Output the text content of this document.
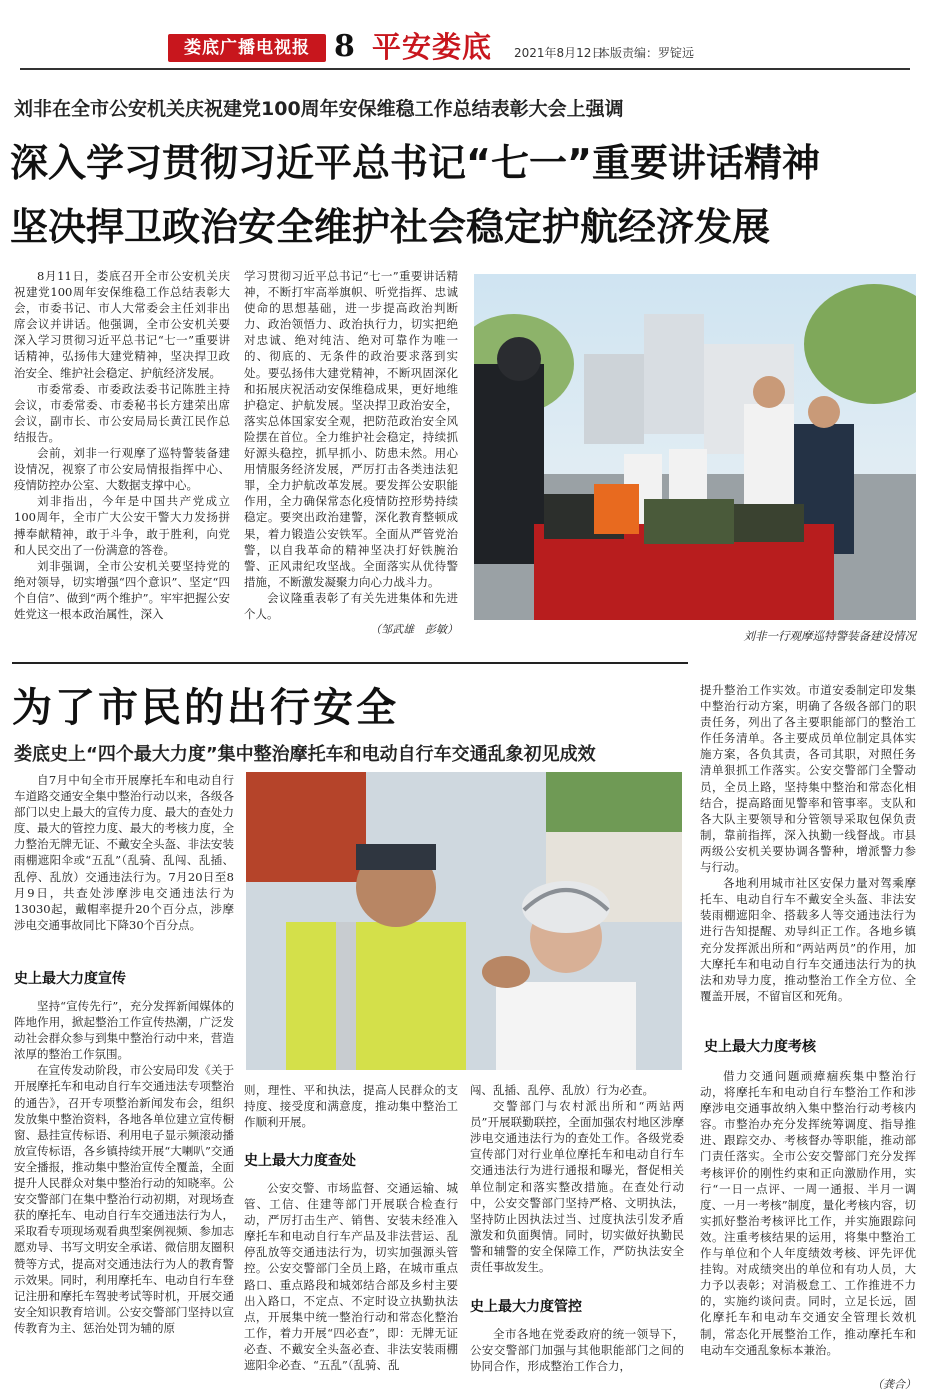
娄底广播电视报 8 平安娄底 2021年8月12日
本版责编：罗锭远
刘非在全市公安机关庆祝建党100周年安保维稳工作总结表彰大会上强调
深入学习贯彻习近平总书记“七一”重要讲话精神
坚决捍卫政治安全维护社会稳定护航经济发展

8月11日，娄底召开全市公安机关庆祝建党100周年安保维稳工作总结表彰大会，市委书记、市人大常委会主任刘非出席会议并讲话。他强调，全市公安机关要深入学习贯彻习近平总书记“七一”重要讲话精神，弘扬伟大建党精神，坚决捍卫政治安全、维护社会稳定、护航经济发展。

市委常委、市委政法委书记陈胜主持会议，市委常委、市委秘书长方建荣出席会议，副市长、市公安局局长黄江民作总结报告。

会前，刘非一行观摩了巡特警装备建设情况，视察了市公安局情报指挥中心、疫情防控办公室、大数据支撑中心。

刘非指出，今年是中国共产党成立100周年，全市广大公安干警大力发扬拼搏奉献精神，敢于斗争，敢于胜利，向党和人民交出了一份满意的答卷。

刘非强调，全市公安机关要坚持党的绝对领导，切实增强“四个意识”、坚定“四个自信”、做到“两个维护”。牢牢把握公安姓党这一根本政治属性，深入

学习贯彻习近平总书记“七一”重要讲话精神，不断打牢高举旗帜、听党指挥、忠诚使命的思想基础，进一步提高政治判断力、政治领悟力、政治执行力，切实把绝对忠诚、绝对纯洁、绝对可靠作为唯一的、彻底的、无条件的政治要求落到实处。要弘扬伟大建党精神，不断巩固深化和拓展庆祝活动安保维稳成果，更好地维护稳定、护航发展。坚决捍卫政治安全，落实总体国家安全观，把防范政治安全风险摆在首位。全力维护社会稳定，持续抓好源头稳控，抓早抓小、防患未然。用心用情服务经济发展，严厉打击各类违法犯罪，全力护航改革发展。要发挥公安职能作用，全力确保常态化疫情防控形势持续稳定。要突出政治建警，深化教育整顿成果，着力锻造公安铁军。全面从严管党治警，以自我革命的精神坚决打好铁腕治警、正风肃纪攻坚战。全面落实从优待警措施，不断激发凝聚力向心力战斗力。

会议隆重表彰了有关先进集体和先进个人。

（邹武雄　彭敏）	刘非一行观摩巡特警装备建设情况
为了市民的出行安全
娄底史上“四个最大力度”集中整治摩托车和电动自行车交通乱象初见成效

自7月中旬全市开展摩托车和电动自行车道路交通安全集中整治行动以来，各级各部门以史上最大的宣传力度、最大的查处力度、最大的管控力度、最大的考核力度，全力整治无牌无证、不戴安全头盔、非法安装雨棚遮阳伞或“五乱”（乱骑、乱闯、乱插、乱停、乱放）交通违法行为。7月20日至8月9日，共查处涉摩涉电交通违法行为13030起，戴帽率提升20个百分点，涉摩涉电交通事故同比下降30个百分点。

史上最大力度宣传

坚持“宣传先行”，充分发挥新闻媒体的阵地作用，掀起整治工作宣传热潮，广泛发动社会群众参与到集中整治行动中来，营造浓厚的整治工作氛围。

在宣传发动阶段，市公安局印发《关于开展摩托车和电动自行车交通违法专项整治的通告》，召开专项整治新闻发布会，组织发放集中整治资料，各地各单位建立宣传橱窗、悬挂宣传标语、利用电子显示频滚动播放宣传标语，各乡镇持续开展“大喇叭”交通安全播报，推动集中整治宣传全覆盖，全面提升人民群众对集中整治行动的知晓率。公安交警部门在集中整治行动初期，对现场查获的摩托车、电动自行车交通违法行为人，采取看专项现场观看典型案例视频、参加志愿劝导、书写文明安全承诺、微信朋友圈积赞等方式，提高对交通违法行为人的教育警示效果。同时，利用摩托车、电动自行车登记注册和摩托车驾驶考试等时机，开展交通安全知识教育培训。公安交警部门坚持以宣传教育为主、惩治处罚为辅的原

则，理性、平和执法，提高人民群众的支持度、接受度和满意度，推动集中整治工作顺利开展。

史上最大力度查处

公安交警、市场监督、交通运输、城管、工信、住建等部门开展联合检查行动，严厉打击生产、销售、安装未经准入摩托车和电动自行车产品及非法营运、乱停乱放等交通违法行为，切实加强源头管控。公安交警部门全员上路，在城市重点路口、重点路段和城郊结合部及乡村主要出入路口，不定点、不定时设立执勤执法点，开展集中统一整治行动和常态化整治工作，着力开展“四必查”，即：无牌无证必查、不戴安全头盔必查、非法安装雨棚遮阳伞必查、“五乱”（乱骑、乱

闯、乱插、乱停、乱放）行为必查。

交警部门与农村派出所和“两站两员”开展联勤联控，全面加强农村地区涉摩涉电交通违法行为的查处工作。各级党委宣传部门对行业单位摩托车和电动自行车交通违法行为进行通报和曝光，督促相关单位制定和落实整改措施。在查处行动中，公安交警部门坚持严格、文明执法，坚持防止因执法过当、过度执法引发矛盾激发和负面舆情。同时，切实做好执勤民警和辅警的安全保障工作，严防执法安全责任事故发生。

史上最大力度管控

全市各地在党委政府的统一领导下，公安交警部门加强与其他职能部门之间的协同合作，形成整治工作合力，

提升整治工作实效。市道安委制定印发集中整治行动方案，明确了各级各部门的职责任务，列出了各主要职能部门的整治工作任务清单。各主要成员单位制定具体实施方案，各负其责，各司其职，对照任务清单狠抓工作落实。公安交警部门全警动员，全员上路，坚持集中整治和常态化相结合，提高路面见警率和管事率。支队和各大队主要领导和分管领导采取包保负责制，靠前指挥，深入执勤一线督战。市县两级公安机关要协调各警种，增派警力参与行动。

各地利用城市社区安保力量对驾乘摩托车、电动自行车不戴安全头盔、非法安装雨棚遮阳伞、搭载多人等交通违法行为进行告知提醒、劝导纠正工作。各地乡镇充分发挥派出所和“两站两员”的作用，加大摩托车和电动自行车交通违法行为的执法和劝导力度，推动整治工作全方位、全覆盖开展，不留盲区和死角。

史上最大力度考核

借力交通问题顽瘴痼疾集中整治行动，将摩托车和电动自行车整治工作和涉摩涉电交通事故纳入集中整治行动考核内容。市整治办充分发挥统筹调度、指导推进、跟踪交办、考核督办等职能，推动部门责任落实。全市公安交警部门充分发挥考核评价的刚性约束和正向激励作用，实行“一日一点评、一周一通报、半月一调度、一月一考核”制度，量化考核内容，切实抓好整治考核评比工作，并实施跟踪问效。注重考核结果的运用，将集中整治工作与单位和个人年度绩效考核、评先评优挂钩。对成绩突出的单位和有功人员，大力予以表彰；对消极怠工、工作推进不力的，实施约谈问责。同时，立足长远，固化摩托车和电动车交通安全管理长效机制，常态化开展整治工作，推动摩托车和电动车交通乱象标本兼治。

（龚合）
